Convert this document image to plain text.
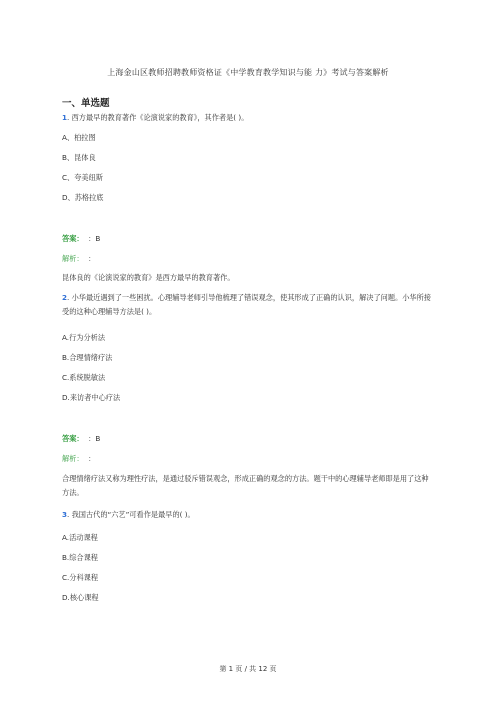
上海金山区教师招聘教师资格证《中学教育教学知识与能 力》考试与答案解析
一、单选题
1. 西方最早的教育著作《论演说家的教育》，其作者是( )。
A、柏拉图
B、昆体良
C、夸美纽斯
D、苏格拉底
答案： ：B
解析： ：
昆体良的《论演说家的教育》是西方最早的教育著作。
2. 小华最近遇到了一些困扰。心理辅导老师引导他梳理了错误观念，使其形成了正确的认识，解决了问题。小华所接受的这种心理辅导方法是( )。
A.行为分析法
B.合理情绪疗法
C.系统脱敏法
D.来访者中心疗法
答案： ：B
解析： ：
合理情绪疗法又称为理性疗法，是通过驳斥错误观念，形成正确的观念的方法。题干中的心理辅导老师即是用了这种方法。
3. 我国古代的“六艺”可看作是最早的( )。
A.活动课程
B.综合课程
C.分科课程
D.核心课程
第 1 页 / 共 12 页
